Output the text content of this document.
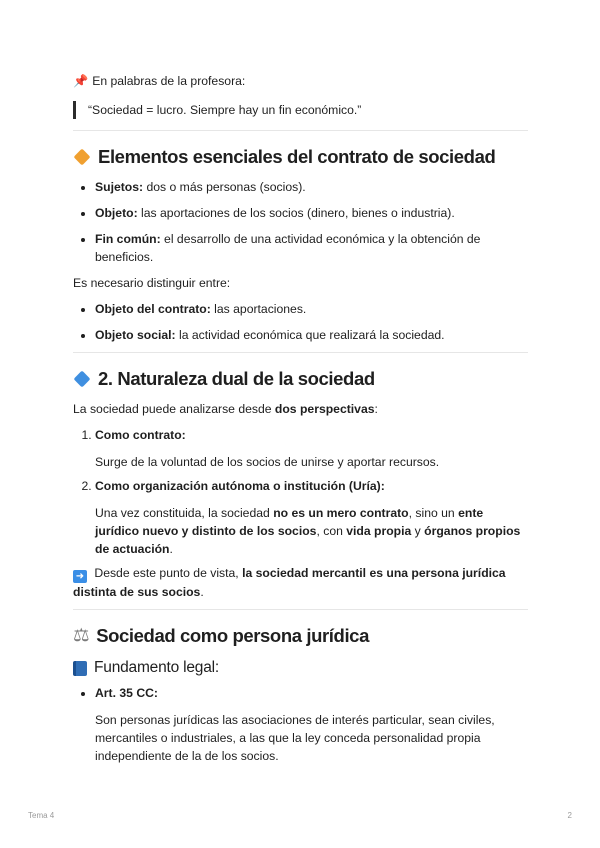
📌 En palabras de la profesora:

“Sociedad = lucro. Siempre hay un fin económico.”
Elementos esenciales del contrato de sociedad
• Sujetos: dos o más personas (socios).
• Objeto: las aportaciones de los socios (dinero, bienes o industria).
• Fin común: el desarrollo de una actividad económica y la obtención de beneficios.

Es necesario distinguir entre:

• Objeto del contrato: las aportaciones.
• Objeto social: la actividad económica que realizará la sociedad.
2. Naturaleza dual de la sociedad

La sociedad puede analizarse desde dos perspectivas:

1. Como contrato:
Surge de la voluntad de los socios de unirse y aportar recursos.
2. Como organización autónoma o institución (Uría):
Una vez constituida, la sociedad no es un mero contrato, sino un ente jurídico nuevo y distinto de los socios, con vida propia y órganos propios de actuación.

➜ Desde este punto de vista, la sociedad mercantil es una persona jurídica distinta de sus socios.

⚖ Sociedad como persona jurídica
Fundamento legal:
• Art. 35 CC:
Son personas jurídicas las asociaciones de interés particular, sean civiles, mercantiles o industriales, a las que la ley conceda personalidad propia independiente de la de los socios.
Tema 4	2
